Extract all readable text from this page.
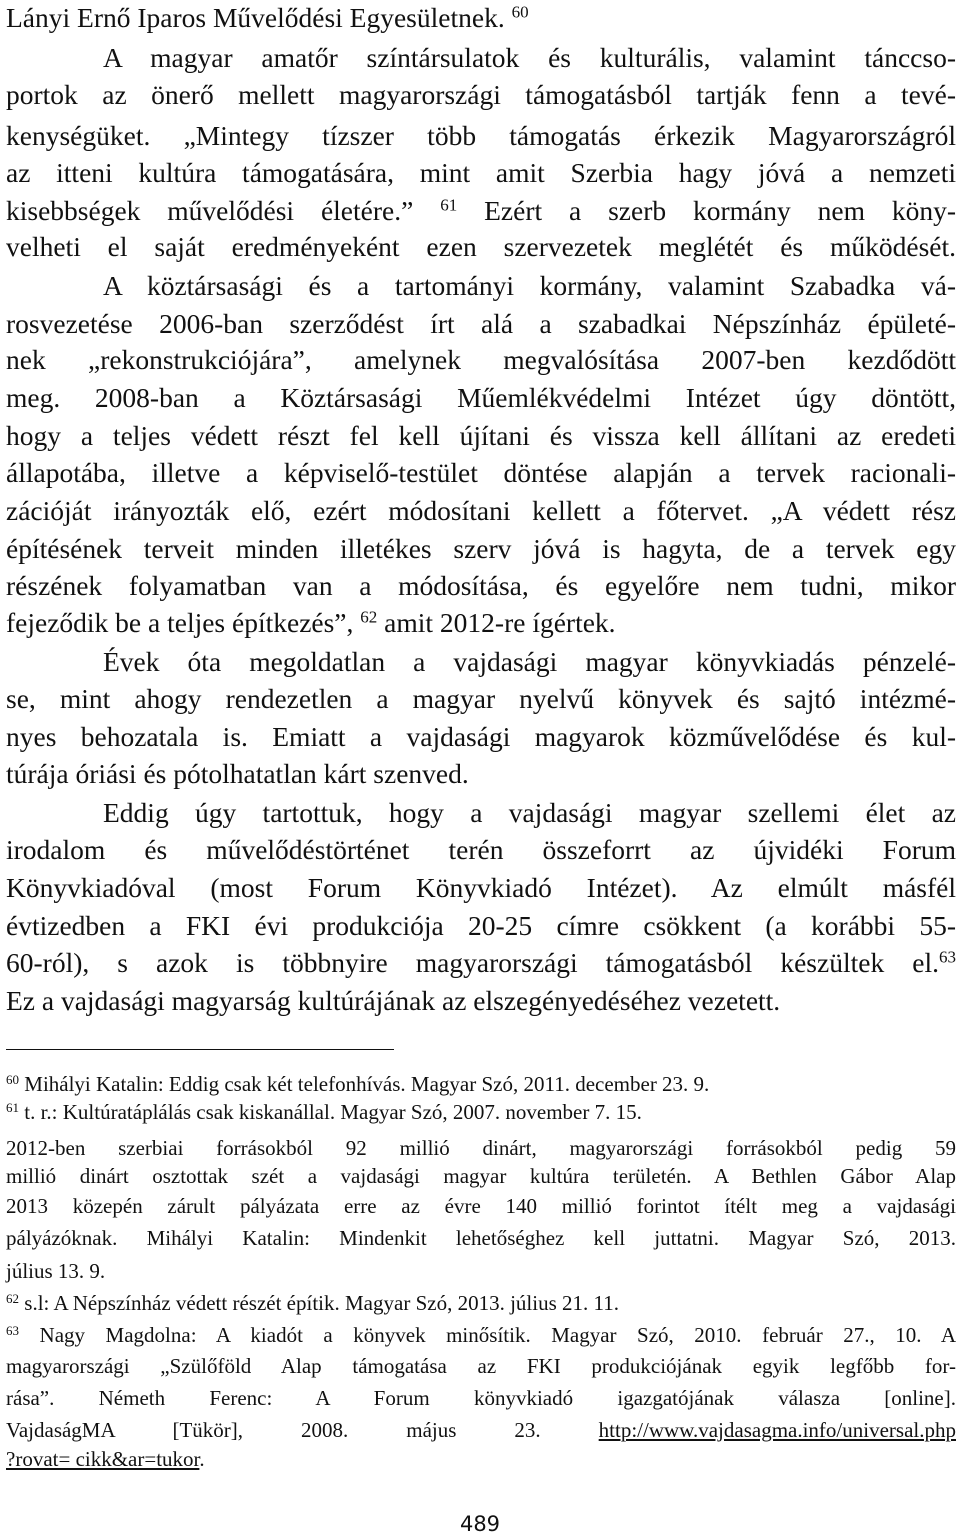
Lányi Ernő Iparos Művelődési Egyesületnek. $^{60}$
A magyar amatőr színtársulatok és kulturális, valamint tánccso-
portok az önerő mellett magyarországi támogatásból tartják fenn a tevé-
kenységüket. „Mintegy tízszer több támogatás érkezik Magyarországról
az itteni kultúra támogatására, mint amit Szerbia hagy jóvá a nemzeti
kisebbségek művelődési életére.” $^{61}$ Ezért a szerb kormány nem köny-
velheti el saját eredményeként ezen szervezetek meglétét és működését.
A köztársasági és a tartományi kormány, valamint Szabadka vá-
rosvezetése 2006-ban szerződést írt alá a szabadkai Népszínház épületé-
nek „rekonstrukciójára”, amelynek megvalósítása 2007-ben kezdődött
meg. 2008-ban a Köztársasági Műemlékvédelmi Intézet úgy döntött,
hogy a teljes védett részt fel kell újítani és vissza kell állítani az eredeti
állapotába, illetve a képviselő-testület döntése alapján a tervek racionali-
zációját irányozták elő, ezért módosítani kellett a főtervet. „A védett rész
építésének terveit minden illetékes szerv jóvá is hagyta, de a tervek egy
részének folyamatban van a módosítása, és egyelőre nem tudni, mikor
fejeződik be a teljes építkezés”, $^{62}$ amit 2012-re ígértek.
Évek óta megoldatlan a vajdasági magyar könyvkiadás pénzelé-
se, mint ahogy rendezetlen a magyar nyelvű könyvek és sajtó intézmé-
nyes behozatala is. Emiatt a vajdasági magyarok közművelődése és kul-
túrája óriási és pótolhatatlan kárt szenved.
Eddig úgy tartottuk, hogy a vajdasági magyar szellemi élet az
irodalom és művelődéstörténet terén összeforrt az újvidéki Forum
Könyvkiadóval (most Forum Könyvkiadó Intézet). Az elmúlt másfél
évtizedben a FKI évi produkciója 20-25 címre csökkent (a korábbi 55-
60-ról), s azok is többnyire magyarországi támogatásból készültek el.$^{63}$
Ez a vajdasági magyarság kultúrájának az elszegényedéséhez vezetett.
$^{60}$ Mihályi Katalin: Eddig csak két telefonhívás. Magyar Szó, 2011. december 23. 9.
$^{61}$ t. r.: Kultúratáplálás csak kiskanállal. Magyar Szó, 2007. november 7. 15.
2012-ben szerbiai forrásokból 92 millió dinárt, magyarországi forrásokból pedig 59
millió dinárt osztottak szét a vajdasági magyar kultúra területén. A Bethlen Gábor Alap
2013 közepén zárult pályázata erre az évre 140 millió forintot ítélt meg a vajdasági
pályázóknak. Mihályi Katalin: Mindenkit lehetőséghez kell juttatni. Magyar Szó, 2013.
július 13. 9.
$^{62}$ s.l: A Népszínház védett részét építik. Magyar Szó, 2013. július 21. 11.
$^{63}$ Nagy Magdolna: A kiadót a könyvek minősítik. Magyar Szó, 2010. február 27., 10. A
magyarországi „Szülőföld Alap támogatása az FKI produkciójának egyik legfőbb for-
rása”. Németh Ferenc: A Forum könyvkiadó igazgatójának válasza [online].
VajdaságMA [Tükör], 2008. május 23.	http://www.vajdasagma.info/universal.php
?rovat= cikk&ar=tukor.
489
